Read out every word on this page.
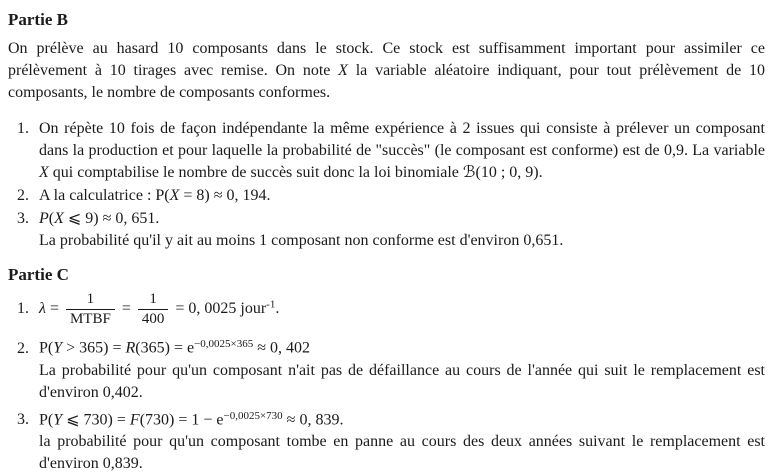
Partie B

On prélève au hasard 10 composants dans le stock. Ce stock est suffisamment important pour assimiler ce prélèvement à 10 tirages avec remise. On note X la variable aléatoire indiquant, pour tout prélèvement de 10 composants, le nombre de composants conformes.

1. On répète 10 fois de façon indépendante la même expérience à 2 issues qui consiste à prélever un composant dans la production et pour laquelle la probabilité de "succès" (le composant est conforme) est de 0,9. La variable X qui comptabilise le nombre de succès suit donc la loi binomiale ℬ(10 ; 0, 9).
2. A la calculatrice : P(X = 8) ≈ 0, 194.
3. P(X ⩽ 9) ≈ 0, 651.
La probabilité qu'il y ait au moins 1 composant non conforme est d'environ 0,651.
Partie C
1. $\lambda = \frac{1}{\text{MTBF}} = \frac{1}{400} = 0$, 0025 jour$^{-1}$.
2. $P(Y > 365) = R(365) = e^{-0,0025\times 365} \approx 0$, 402
La probabilité pour qu'un composant n'ait pas de défaillance au cours de l'année qui suit le remplacement est d'environ 0,402.
3. P(Y ⩽ $730) = F(730) = 1 - e^{-0,0025\times 730} \approx 0$, 839.
la probabilité pour qu'un composant tombe en panne au cours des deux années suivant le remplacement est d'environ 0,839.
